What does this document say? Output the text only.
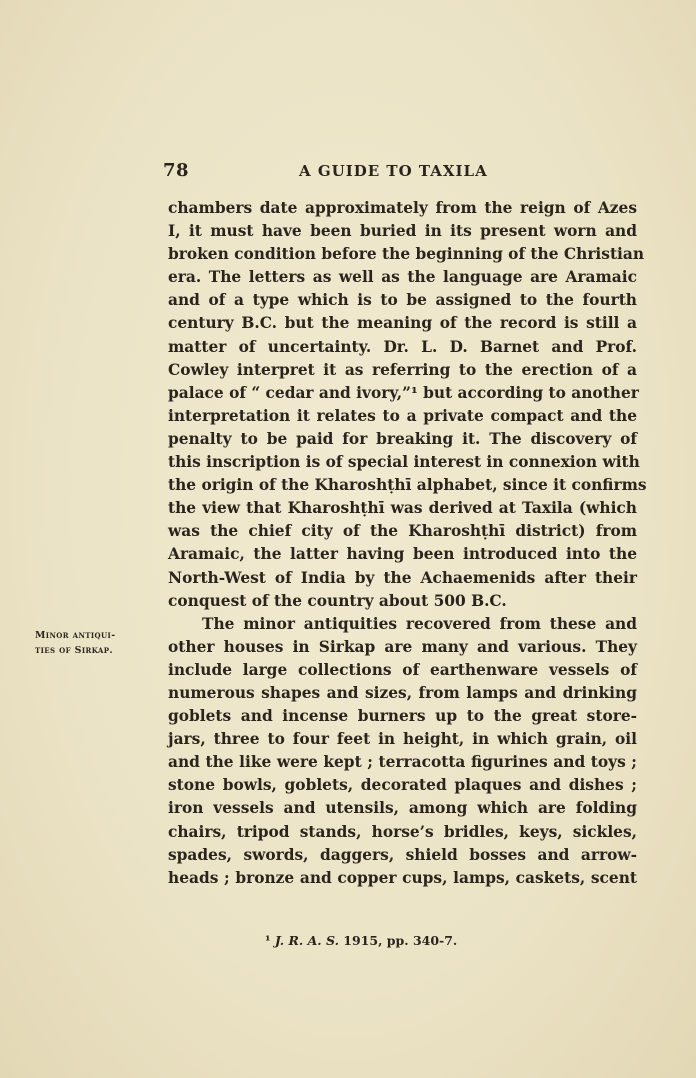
78	A GUIDE TO TAXILA
chambers date approximately from the reign of Azes
I, it must have been buried in its present worn and
broken condition before the beginning of the Christian
era. The letters as well as the language are Aramaic
and of a type which is to be assigned to the fourth
century B.C. but the meaning of the record is still a
matter of uncertainty. Dr. L. D. Barnet and Prof.
Cowley interpret it as referring to the erection of a
palace of “ cedar and ivory,”¹ but according to another
interpretation it relates to a private compact and the
penalty to be paid for breaking it. The discovery of
this inscription is of special interest in connexion with
the origin of the Kharoshṭhī alphabet, since it confirms
the view that Kharoshṭhī was derived at Taxila (which
was the chief city of the Kharoshṭhī district) from
Aramaic, the latter having been introduced into the
North-West of India by the Achaemenids after their
conquest of the country about 500 B.C.
The minor antiquities recovered from these and
other houses in Sirkap are many and various. They
include large collections of earthenware vessels of
numerous shapes and sizes, from lamps and drinking
goblets and incense burners up to the great store-
jars, three to four feet in height, in which grain, oil
and the like were kept ; terracotta figurines and toys ;
stone bowls, goblets, decorated plaques and dishes ;
iron vessels and utensils, among which are folding
chairs, tripod stands, horse’s bridles, keys, sickles,
spades, swords, daggers, shield bosses and arrow-
heads ; bronze and copper cups, lamps, caskets, scent
Minor antiqui-
ties of Sirkap.
¹ J. R. A. S. 1915, pp. 340-7.
